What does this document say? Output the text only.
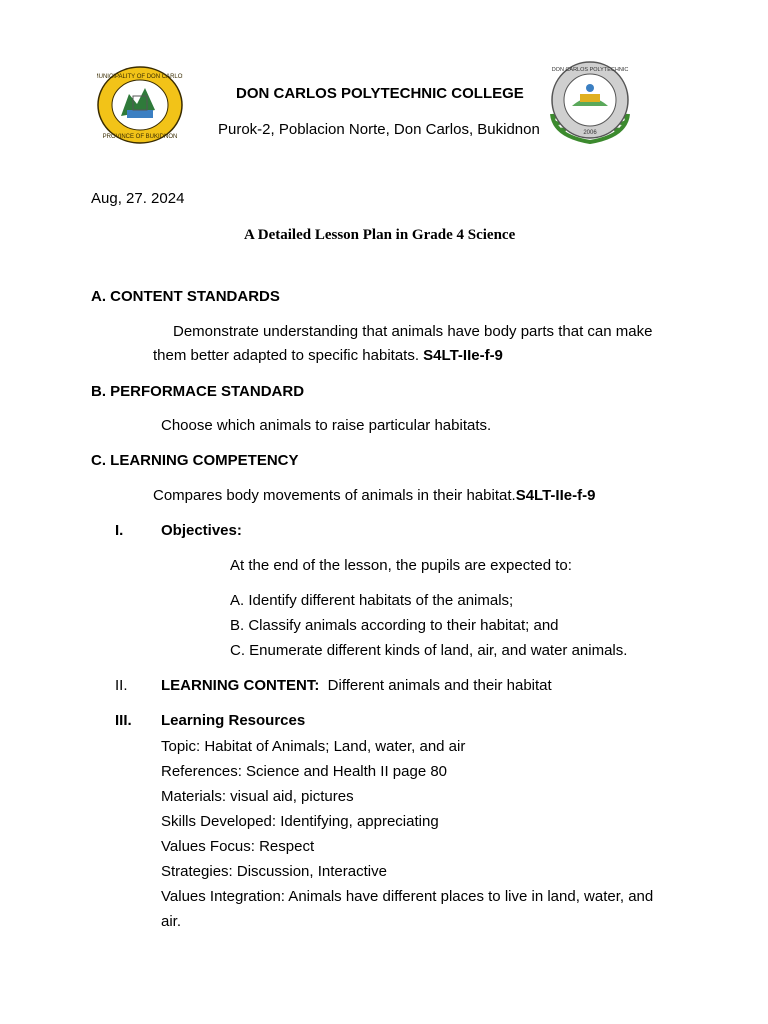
MUNICIPALITY OF DON CARLOS
PROVINCE OF BUKIDNON
DON CARLOS POLYTECHNIC
2006
DON CARLOS POLYTECHNIC COLLEGE
Purok-2, Poblacion Norte, Don Carlos, Bukidnon
Aug, 27. 2024
A Detailed Lesson Plan in Grade 4 Science
A. CONTENT STANDARDS
Demonstrate understanding that animals have body parts that can make
them better adapted to specific habitats. S4LT-IIe-f-9
B. PERFORMACE STANDARD
Choose which animals to raise particular habitats.
C. LEARNING COMPETENCY
Compares body movements of animals in their habitat.S4LT-IIe-f-9
I.	Objectives:
At the end of the lesson, the pupils are expected to:
A. Identify different habitats of the animals;
B. Classify animals according to their habitat; and
C. Enumerate different kinds of land, air, and water animals.
II. LEARNING CONTENT: Different animals and their habitat
III. Learning Resources
Topic: Habitat of Animals; Land, water, and air
References: Science and Health II page 80
Materials: visual aid, pictures
Skills Developed: Identifying, appreciating
Values Focus: Respect
Strategies: Discussion, Interactive
Values Integration: Animals have different places to live in land, water, and
air.
